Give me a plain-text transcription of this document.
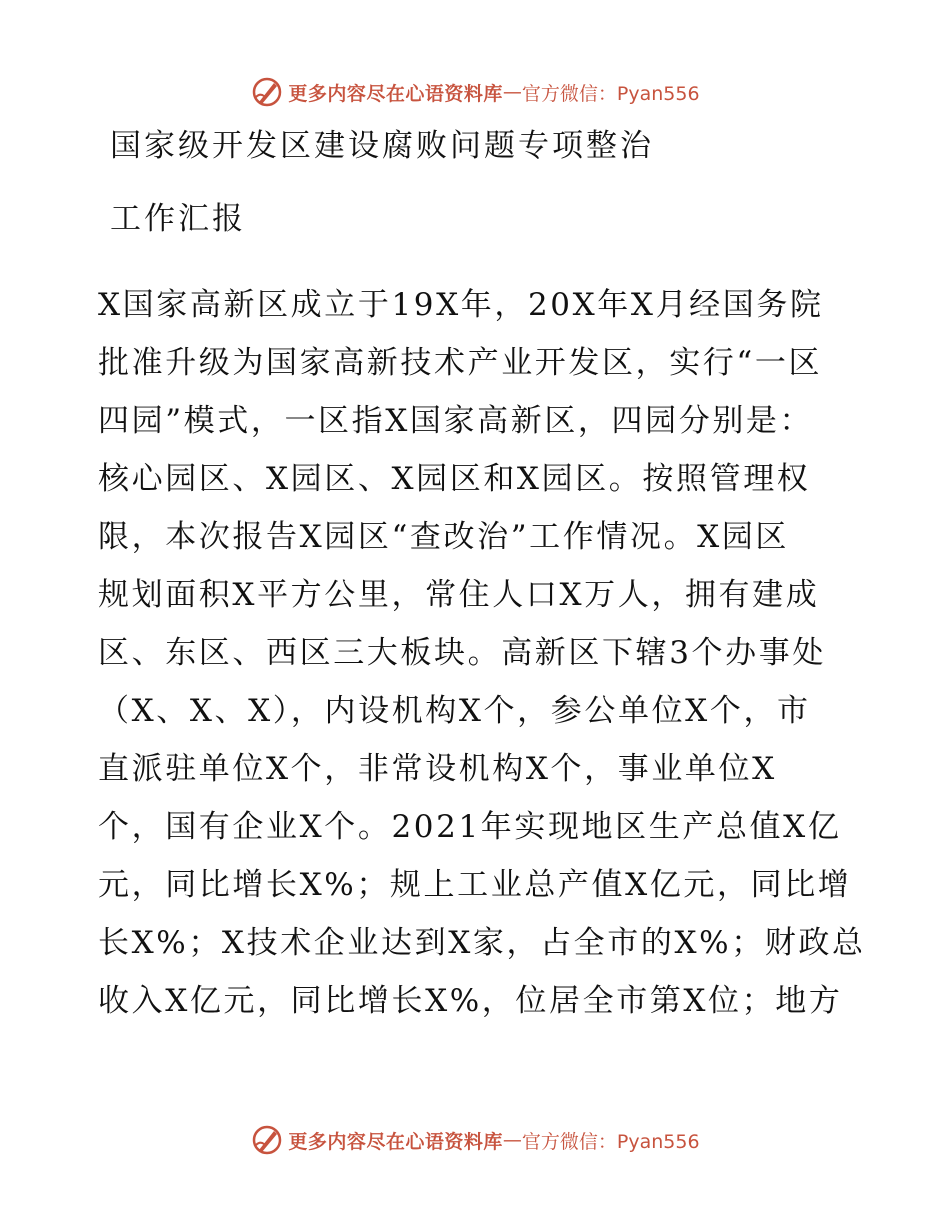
更多内容尽在心语资料库 — 官方微信：Pyan556
国家级开发区建设腐败问题专项整治
工作汇报
X国家高新区成立于19X年，20X年X月经国务院
批准升级为国家高新技术产业开发区，实行“一区
四园”模式，一区指X国家高新区，四园分别是：
核心园区、X园区、X园区和X园区。按照管理权
限，本次报告X园区“查改治”工作情况。X园区
规划面积X平方公里，常住人口X万人，拥有建成
区、东区、西区三大板块。高新区下辖3个办事处
（X、X、X），内设机构X个，参公单位X个，市
直派驻单位X个，非常设机构X个，事业单位X
个，国有企业X个。2021年实现地区生产总值X亿
元，同比增长X%；规上工业总产值X亿元，同比增
长X%；X技术企业达到X家，占全市的X%；财政总
收入X亿元，同比增长X%，位居全市第X位；地方
更多内容尽在心语资料库 — 官方微信：Pyan556
